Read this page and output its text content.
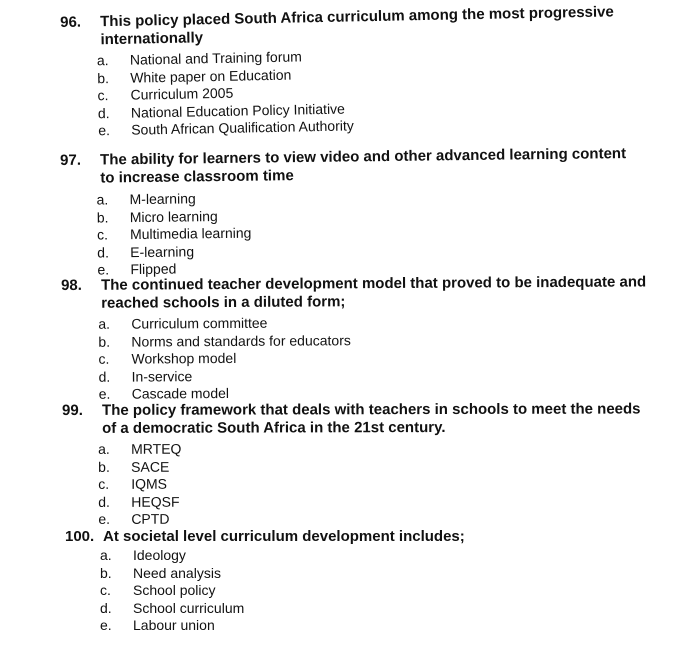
96.	This policy placed South Africa curriculum among the most progressive internationally
a. National and Training forum
b. White paper on Education
c. Curriculum 2005
d. National Education Policy Initiative
e. South African Qualification Authority
97.	The ability for learners to view video and other advanced learning content to increase classroom time
a. M-learning
b. Micro learning
c. Multimedia learning
d. E-learning
e. Flipped
98.	The continued teacher development model that proved to be inadequate and reached schools in a diluted form;
a. Curriculum committee
b. Norms and standards for educators
c. Workshop model
d. In-service
e. Cascade model
99.	The policy framework that deals with teachers in schools to meet the needs of a democratic South Africa in the 21st century.
a. MRTEQ
b. SACE
c. IQMS
d. HEQSF
e. CPTD
100. At societal level curriculum development includes;
a. Ideology
b. Need analysis
c. School policy
d. School curriculum
e. Labour union
